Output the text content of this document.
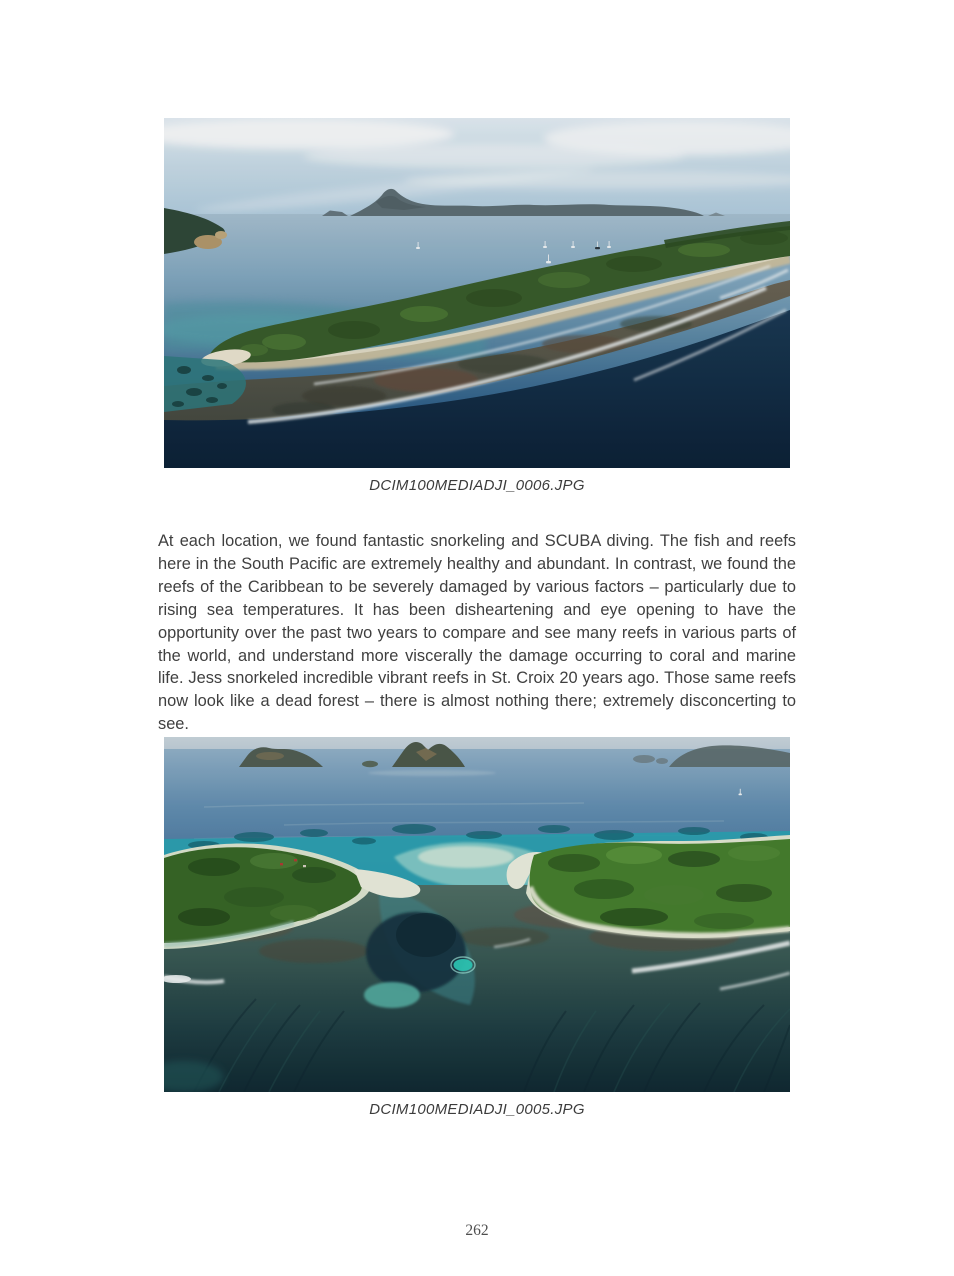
DCIM100MEDIADJI_0006.JPG

At each location, we found fantastic snorkeling and SCUBA diving. The fish and reefs here in the South Pacific are extremely healthy and abundant. In contrast, we found the reefs of the Caribbean to be severely damaged by various factors – particularly due to rising sea temperatures. It has been disheartening and eye opening to have the opportunity over the past two years to compare and see many reefs in various parts of the world, and understand more viscerally the damage occurring to coral and marine life. Jess snorkeled incredible vibrant reefs in St. Croix 20 years ago. Those same reefs now look like a dead forest – there is almost nothing there; extremely disconcerting to see.

DCIM100MEDIADJI_0005.JPG
262
